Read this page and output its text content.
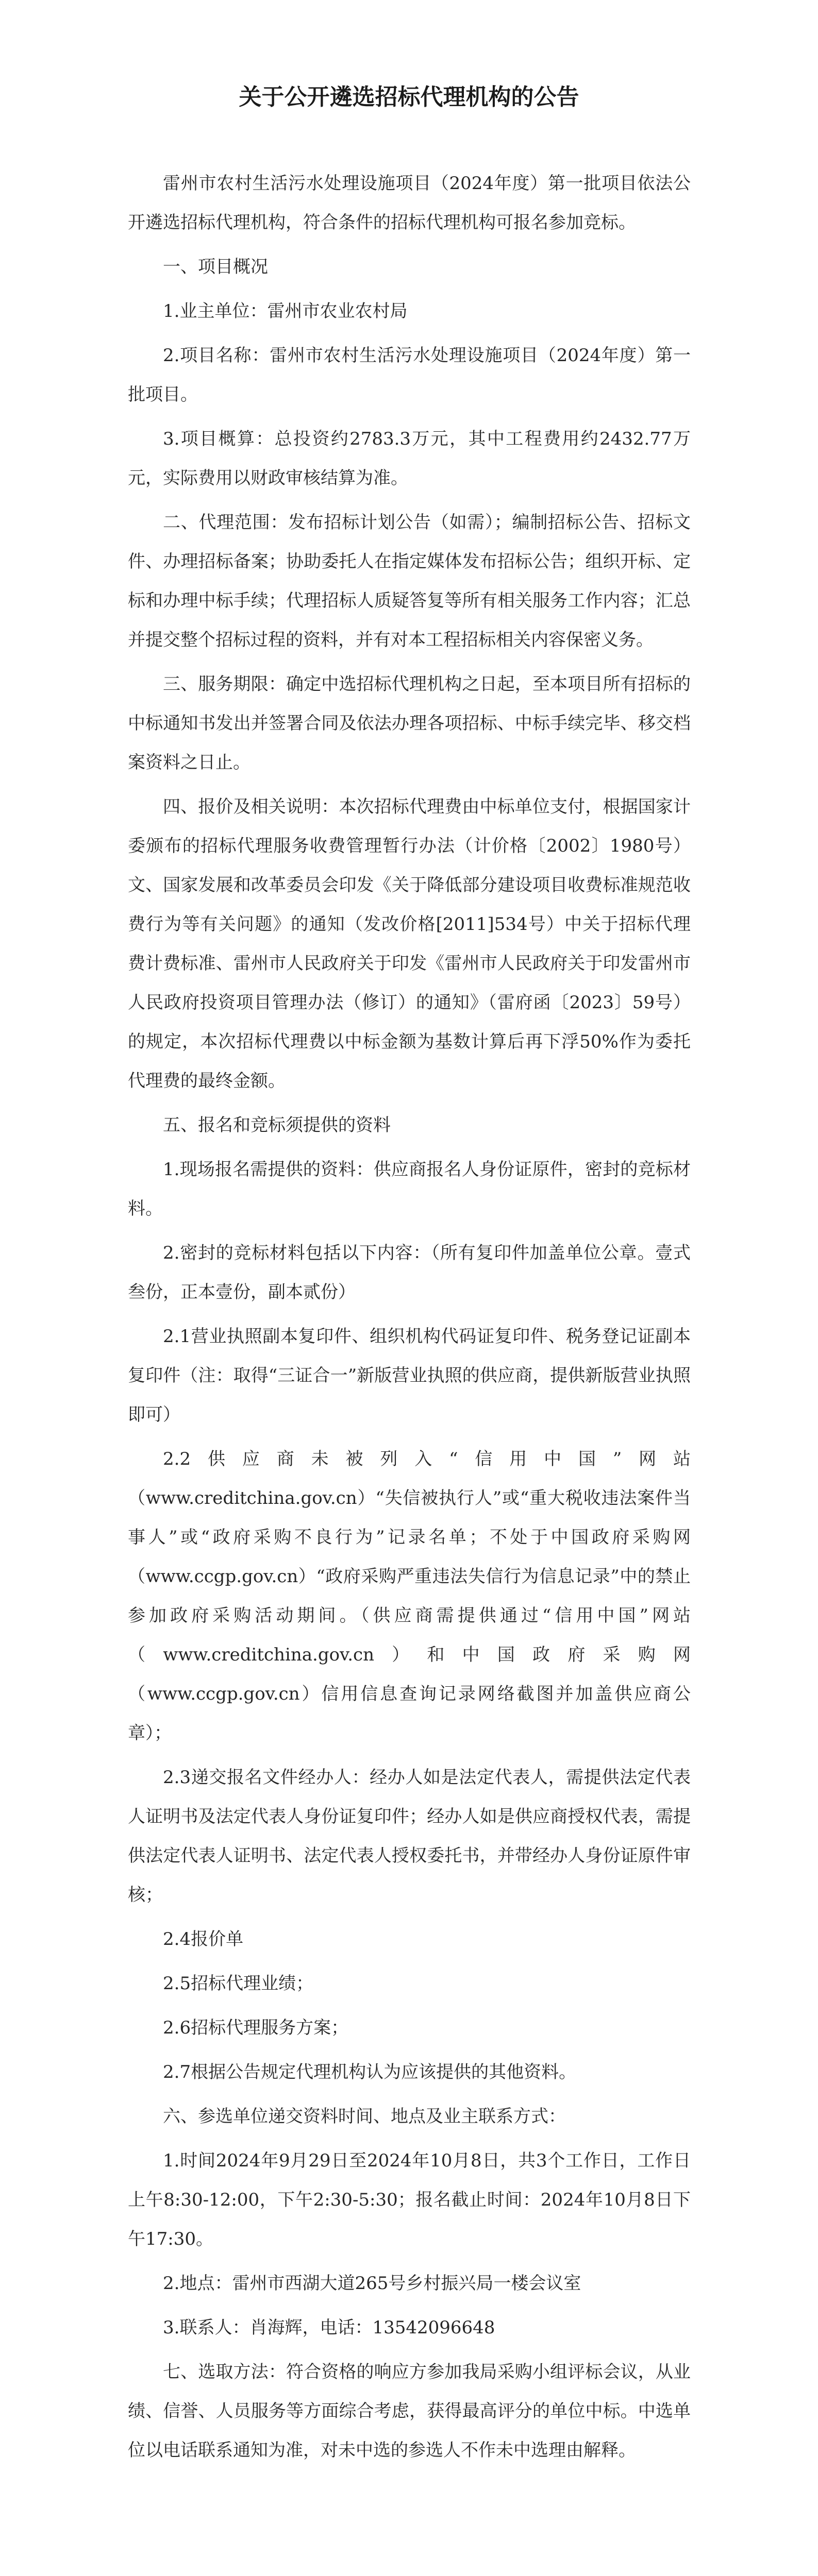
关于公开遴选招标代理机构的公告

雷州市农村生活污水处理设施项目（2024年度）第一批项目依法公开遴选招标代理机构，符合条件的招标代理机构可报名参加竞标。

一、项目概况

1.业主单位：雷州市农业农村局

2.项目名称：雷州市农村生活污水处理设施项目（2024年度）第一批项目。

3.项目概算：总投资约2783.3万元，其中工程费用约2432.77万元，实际费用以财政审核结算为准。

二、代理范围：发布招标计划公告（如需）；编制招标公告、招标文件、办理招标备案；协助委托人在指定媒体发布招标公告；组织开标、定标和办理中标手续；代理招标人质疑答复等所有相关服务工作内容；汇总并提交整个招标过程的资料，并有对本工程招标相关内容保密义务。

三、服务期限：确定中选招标代理机构之日起，至本项目所有招标的中标通知书发出并签署合同及依法办理各项招标、中标手续完毕、移交档案资料之日止。

四、报价及相关说明：本次招标代理费由中标单位支付，根据国家计委颁布的招标代理服务收费管理暂行办法（计价格〔2002〕1980号）文、国家发展和改革委员会印发《关于降低部分建设项目收费标准规范收费行为等有关问题》的通知（发改价格[2011]534号）中关于招标代理费计费标准、雷州市人民政府关于印发《雷州市人民政府关于印发雷州市人民政府投资项目管理办法（修订）的通知》（雷府函〔2023〕59号）的规定，本次招标代理费以中标金额为基数计算后再下浮50%作为委托代理费的最终金额。

五、报名和竞标须提供的资料

1.现场报名需提供的资料：供应商报名人身份证原件，密封的竞标材料。

2.密封的竞标材料包括以下内容：（所有复印件加盖单位公章。壹式叁份，正本壹份，副本贰份）

2.1营业执照副本复印件、组织机构代码证复印件、税务登记证副本复印件（注：取得“三证合一”新版营业执照的供应商，提供新版营业执照即可）

2.2供应商未被列入“信用中国”网站（www.creditchina.gov.cn）“失信被执行人”或“重大税收违法案件当事人”或“政府采购不良行为”记录名单；不处于中国政府采购网（www.ccgp.gov.cn）“政府采购严重违法失信行为信息记录”中的禁止参加政府采购活动期间。（供应商需提供通过“信用中国”网站（www.creditchina.gov.cn）和中国政府采购网（www.ccgp.gov.cn）信用信息查询记录网络截图并加盖供应商公章）；

2.3递交报名文件经办人：经办人如是法定代表人，需提供法定代表人证明书及法定代表人身份证复印件；经办人如是供应商授权代表，需提供法定代表人证明书、法定代表人授权委托书，并带经办人身份证原件审核；

2.4报价单

2.5招标代理业绩；

2.6招标代理服务方案；

2.7根据公告规定代理机构认为应该提供的其他资料。

六、参选单位递交资料时间、地点及业主联系方式：

1.时间2024年9月29日至2024年10月8日，共3个工作日，工作日上午8:30-12:00，下午2:30-5:30；报名截止时间：2024年10月8日下午17:30。

2.地点：雷州市西湖大道265号乡村振兴局一楼会议室

3.联系人：肖海辉，电话：13542096648

七、选取方法：符合资格的响应方参加我局采购小组评标会议，从业绩、信誉、人员服务等方面综合考虑，获得最高评分的单位中标。中选单位以电话联系通知为准，对未中选的参选人不作未中选理由解释。
